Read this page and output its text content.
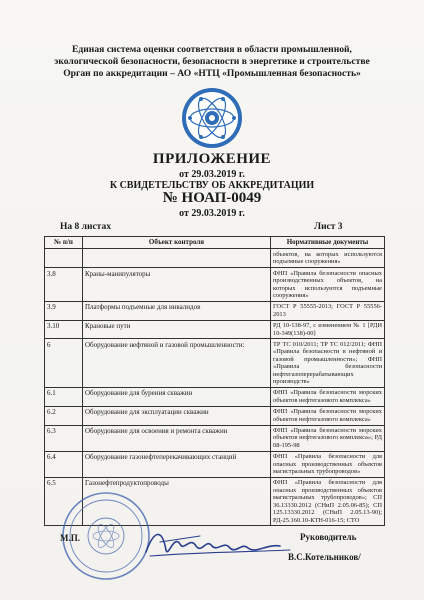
Единая система оценки соответствия в области промышленной,
экологической безопасности, безопасности в энергетике и строительстве
Орган по аккредитации – АО «НТЦ «Промышленная безопасность»
ПРИЛОЖЕНИЕ
от 29.03.2019 г.
К СВИДЕТЕЛЬСТВУ ОБ АККРЕДИТАЦИИ
№ НОАП-0049
от 29.03.2019 г.
На 8 листах	Лист 3
№ п/п	Объект контроля	Нормативные документы
		объектов, на которых используются подъемные сооружения»
3.8	Краны-манипуляторы	ФНП «Правила безопасности опасных производственных объектов, на которых используются подъемные сооружения»
3.9	Платформы подъемные для инвалидов	ГОСТ Р 55555-2013; ГОСТ Р 55556-2013
3.10	Крановые пути	РД 10-138-97, с изменением № 1 [РДИ 10-349(138)-00]
6	Оборудование нефтяной и газовой промышленности:	ТР ТС 010/2011; ТР ТС 012/2011; ФНП «Правила безопасности в нефтяной и газовой промышленности»; ФНП «Правила безопасности нефтегазоперерабатывающих производств»
6.1	Оборудование для бурения скважин	ФНП «Правила безопасности морских объектов нефтегазового комплекса»
6.2	Оборудование для эксплуатации скважин	ФНП «Правила безопасности морских объектов нефтегазового комплекса»
6.3	Оборудование для освоения и ремонта скважин	ФНП «Правила безопасности морских объектов нефтегазового комплекса»; РД 08-195-98
6.4	Оборудование газонефтеперекачивающих станций	ФНП «Правила безопасности для опасных производственных объектов магистральных трубопроводов»
6.5	Газонефтепродуктопроводы	ФНП «Правила безопасности для опасных производственных объектов магистральных трубопроводов»; СП 36.13330.2012 (СНиП 2.05.06-85); СП 125.13330.2012 (СНиП 2.05.13-90); РД-25.160.10-КТН-016-15; СТО
М.П.	Руководитель
В.С.Котельников/
